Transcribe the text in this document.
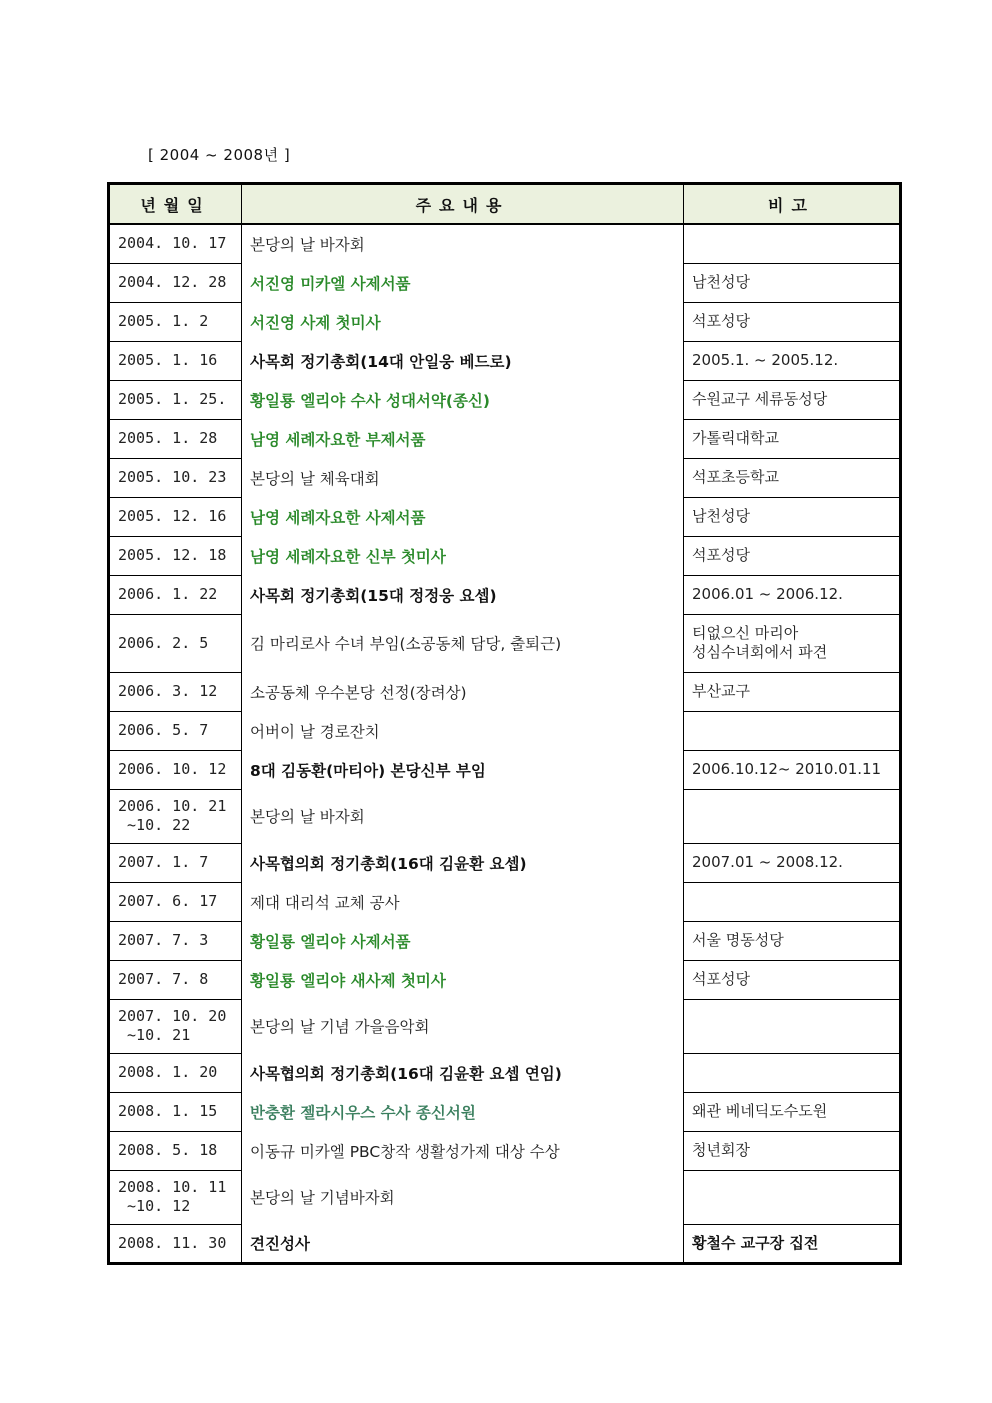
[ 2004 ~ 2008년 ]
년월일	주요내용	비고

2004. 10. 17	본당의 날 바자회	

2004. 12. 28	서진영 미카엘 사제서품	남천성당

2005. 1. 2	서진영 사제 첫미사	석포성당

2005. 1. 16	사목회 정기총회(14대 안일웅 베드로)	2005.1. ~ 2005.12.

2005. 1. 25.	황일룡 엘리야 수사 성대서약(종신)	수원교구 세류동성당

2005. 1. 28	남영 세례자요한 부제서품	가톨릭대학교

2005. 10. 23	본당의 날 체육대회	석포초등학교

2005. 12. 16	남영 세례자요한 사제서품	남천성당

2005. 12. 18	남영 세례자요한 신부 첫미사	석포성당

2006. 1. 22	사목회 정기총회(15대 정정웅 요셉)	2006.01 ~ 2006.12.

2006. 2. 5	김 마리로사 수녀 부임(소공동체 담당, 출퇴근)	티없으신 마리아
성심수녀회에서 파견

2006. 3. 12	소공동체 우수본당 선정(장려상)	부산교구

2006. 5. 7	어버이 날 경로잔치	

2006. 10. 12	8대 김동환(마티아) 본당신부 부임	2006.10.12~ 2010.01.11

2006. 10. 21
~10. 22	본당의 날 바자회	

2007. 1. 7	사목협의회 정기총회(16대 김윤환 요셉)	2007.01 ~ 2008.12.

2007. 6. 17	제대 대리석 교체 공사	

2007. 7. 3	황일룡 엘리야 사제서품	서울 명동성당

2007. 7. 8	황일룡 엘리야 새사제 첫미사	석포성당

2007. 10. 20
~10. 21	본당의 날 기념 가을음악회	

2008. 1. 20	사목협의회 정기총회(16대 김윤환 요셉 연임)	

2008. 1. 15	반충환 젤라시우스 수사 종신서원	왜관 베네딕도수도원

2008. 5. 18	이동규 미카엘 PBC창작 생활성가제 대상 수상	청년회장

2008. 10. 11
~10. 12	본당의 날 기념바자회	

2008. 11. 30	견진성사	황철수 교구장 집전
